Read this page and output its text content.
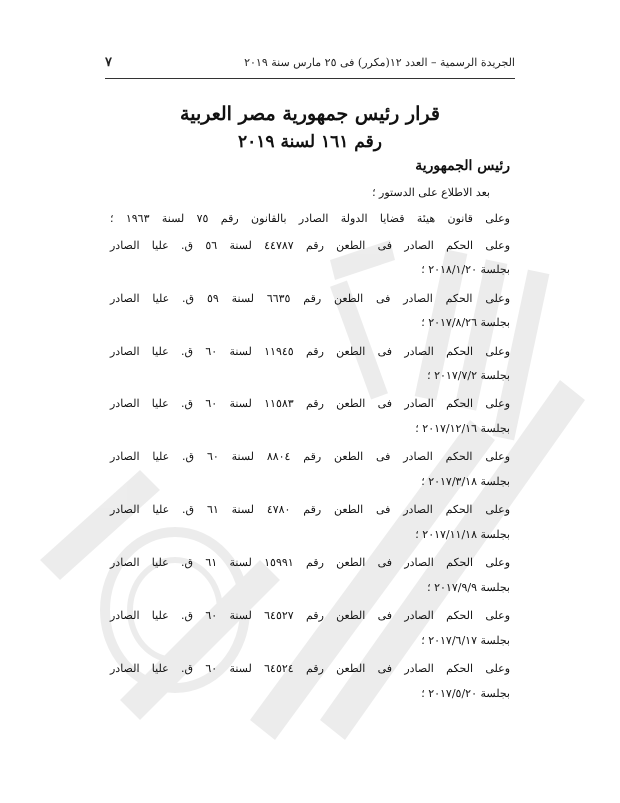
الجريدة الرسمية – العدد ١٢(مكرر) فى ٢٥ مارس سنة ٢٠١٩
٧
قرار رئيس جمهورية مصر العربية
رقم ١٦١ لسنة ٢٠١٩
رئيس الجمهورية
بعد الاطلاع على الدستور ؛
وعلى قانون هيئة قضايا الدولة الصادر بالقانون رقم ٧٥ لسنة ١٩٦٣ ؛
وعلى الحكم الصادر فى الطعن رقم ٤٤٧٨٧ لسنة ٥٦ ق. عليا الصادر
بجلسة ٢٠١٨/١/٢٠ ؛
وعلى الحكم الصادر فى الطعن رقم ٦٦٣٥ لسنة ٥٩ ق. عليا الصادر
بجلسة ٢٠١٧/٨/٢٦ ؛
وعلى الحكم الصادر فى الطعن رقم ١١٩٤٥ لسنة ٦٠ ق. عليا الصادر
بجلسة ٢٠١٧/٧/٢ ؛
وعلى الحكم الصادر فى الطعن رقم ١١٥٨٣ لسنة ٦٠ ق. عليا الصادر
بجلسة ٢٠١٧/١٢/١٦ ؛
وعلى الحكم الصادر فى الطعن رقم ٨٨٠٤ لسنة ٦٠ ق. عليا الصادر
بجلسة ٢٠١٧/٣/١٨ ؛
وعلى الحكم الصادر فى الطعن رقم ٤٧٨٠ لسنة ٦١ ق. عليا الصادر
بجلسة ٢٠١٧/١١/١٨ ؛
وعلى الحكم الصادر فى الطعن رقم ١٥٩٩١ لسنة ٦١ ق. عليا الصادر
بجلسة ٢٠١٧/٩/٩ ؛
وعلى الحكم الصادر فى الطعن رقم ٦٤٥٢٧ لسنة ٦٠ ق. عليا الصادر
بجلسة ٢٠١٧/٦/١٧ ؛
وعلى الحكم الصادر فى الطعن رقم ٦٤٥٢٤ لسنة ٦٠ ق. عليا الصادر
بجلسة ٢٠١٧/٥/٢٠ ؛
